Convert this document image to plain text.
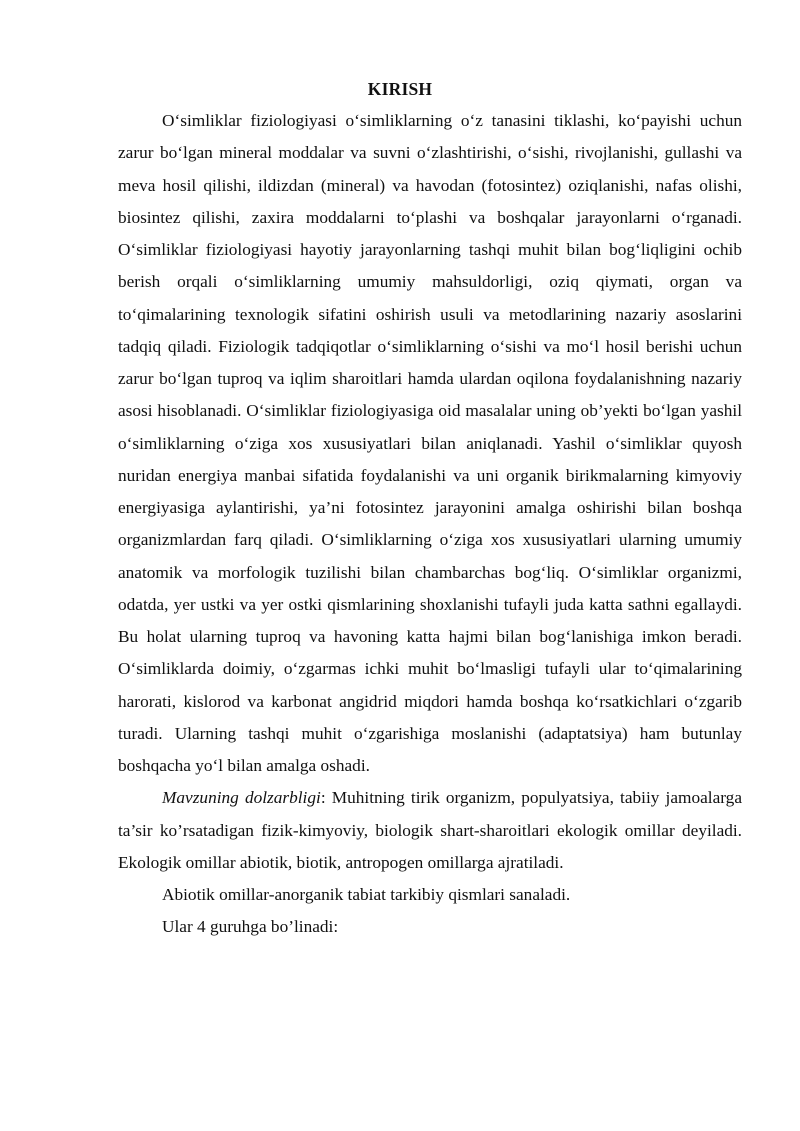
KIRISH

O‘simliklar fiziologiyasi o‘simliklarning o‘z tanasini tiklashi, ko‘payishi uchun zarur bo‘lgan mineral moddalar va suvni o‘zlashtirishi, o‘sishi, rivojlanishi, gullashi va meva hosil qilishi, ildizdan (mineral) va havodan (fotosintez) oziqlanishi, nafas olishi, biosintez qilishi, zaxira moddalarni to‘plashi va boshqalar jarayonlarni o‘rganadi. O‘simliklar fiziologiyasi hayotiy jarayonlarning tashqi muhit bilan bog‘liqligini ochib berish orqali o‘simliklarning umumiy mahsuldorligi, oziq qiymati, organ va to‘qimalarining texnologik sifatini oshirish usuli va metodlarining nazariy asoslarini tadqiq qiladi. Fiziologik tadqiqotlar o‘simliklarning o‘sishi va mo‘l hosil berishi uchun zarur bo‘lgan tuproq va iqlim sharoitlari hamda ulardan oqilona foydalanishning nazariy asosi hisoblanadi. O‘simliklar fiziologiyasiga oid masalalar uning ob’yekti bo‘lgan yashil o‘simliklarning o‘ziga xos xususiyatlari bilan aniqlanadi. Yashil o‘simliklar quyosh nuridan energiya manbai sifatida foydalanishi va uni organik birikmalarning kimyoviy energiyasiga aylantirishi, ya’ni fotosintez jarayonini amalga oshirishi bilan boshqa organizmlardan farq qiladi. O‘simliklarning o‘ziga xos xususiyatlari ularning umumiy anatomik va morfologik tuzilishi bilan chambarchas bog‘liq. O‘simliklar organizmi, odatda, yer ustki va yer ostki qismlarining shoxlanishi tufayli juda katta sathni egallaydi. Bu holat ularning tuproq va havoning katta hajmi bilan bog‘lanishiga imkon beradi. O‘simliklarda doimiy, o‘zgarmas ichki muhit bo‘lmasligi tufayli ular to‘qimalarining harorati, kislorod va karbonat angidrid miqdori hamda boshqa ko‘rsatkichlari o‘zgarib turadi. Ularning tashqi muhit o‘zgarishiga moslanishi (adaptatsiya) ham butunlay boshqacha yo‘l bilan amalga oshadi.

Mavzuning dolzarbligi: Muhitning tirik organizm, populyatsiya, tabiiy jamoalarga ta’sir ko’rsatadigan fizik-kimyoviy, biologik shart-sharoitlari ekologik omillar deyiladi. Ekologik omillar abiotik, biotik, antropogen omillarga ajratiladi.

Abiotik omillar-anorganik tabiat tarkibiy qismlari sanaladi.

Ular 4 guruhga bo’linadi:
